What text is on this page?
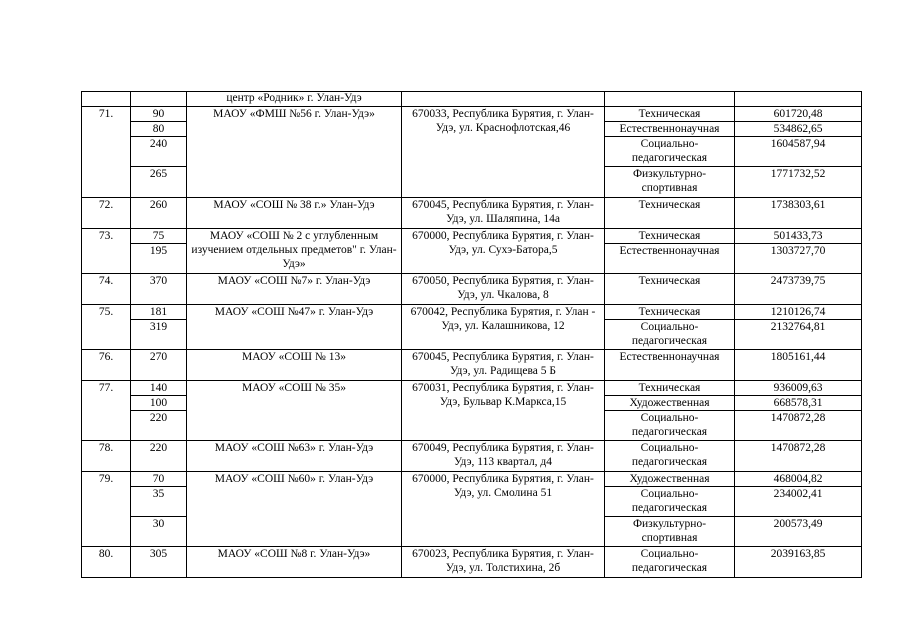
		центр «Родник» г. Улан-Удэ			
71.	90	МАОУ «ФМШ №56 г. Улан-Удэ»	670033, Республика Бурятия, г. Улан-Удэ, ул. Краснофлотская,46	Техническая	601720,48
	80			Естественнонаучная	534862,65
	240			Социально-педагогическая	1604587,94
	265			Физкультурно-спортивная	1771732,52
72.	260	МАОУ «СОШ № 38 г.» Улан-Удэ	670045, Республика Бурятия, г. Улан-Удэ, ул. Шаляпина, 14а	Техническая	1738303,61
73.	75	МАОУ «СОШ № 2 с углубленным изучением отдельных предметов" г. Улан-Удэ»	670000, Республика Бурятия, г. Улан-Удэ, ул. Сухэ-Батора,5	Техническая	501433,73
	195			Естественнонаучная	1303727,70
74.	370	МАОУ «СОШ №7» г. Улан-Удэ	670050, Республика Бурятия, г. Улан-Удэ, ул. Чкалова, 8	Техническая	2473739,75
75.	181	МАОУ «СОШ №47» г. Улан-Удэ	670042, Республика Бурятия, г. Улан - Удэ, ул. Калашникова, 12	Техническая	1210126,74
	319			Социально-педагогическая	2132764,81
76.	270	МАОУ «СОШ № 13»	670045, Республика Бурятия, г. Улан-Удэ, ул. Радищева 5 Б	Естественнонаучная	1805161,44
77.	140	МАОУ «СОШ № 35»	670031, Республика Бурятия, г. Улан-Удэ, Бульвар К.Маркса,15	Техническая	936009,63
	100			Художественная	668578,31
	220			Социально-педагогическая	1470872,28
78.	220	МАОУ «СОШ №63» г. Улан-Удэ	670049, Республика Бурятия, г. Улан-Удэ, 113 квартал, д4	Социально-педагогическая	1470872,28
79.	70	МАОУ «СОШ №60» г. Улан-Удэ	670000, Республика Бурятия, г. Улан-Удэ, ул. Смолина 51	Художественная	468004,82
	35			Социально-педагогическая	234002,41
	30			Физкультурно-спортивная	200573,49
80.	305	МАОУ «СОШ №8 г. Улан-Удэ»	670023, Республика Бурятия, г. Улан-Удэ, ул. Толстихина, 2б	Социально-педагогическая	2039163,85
